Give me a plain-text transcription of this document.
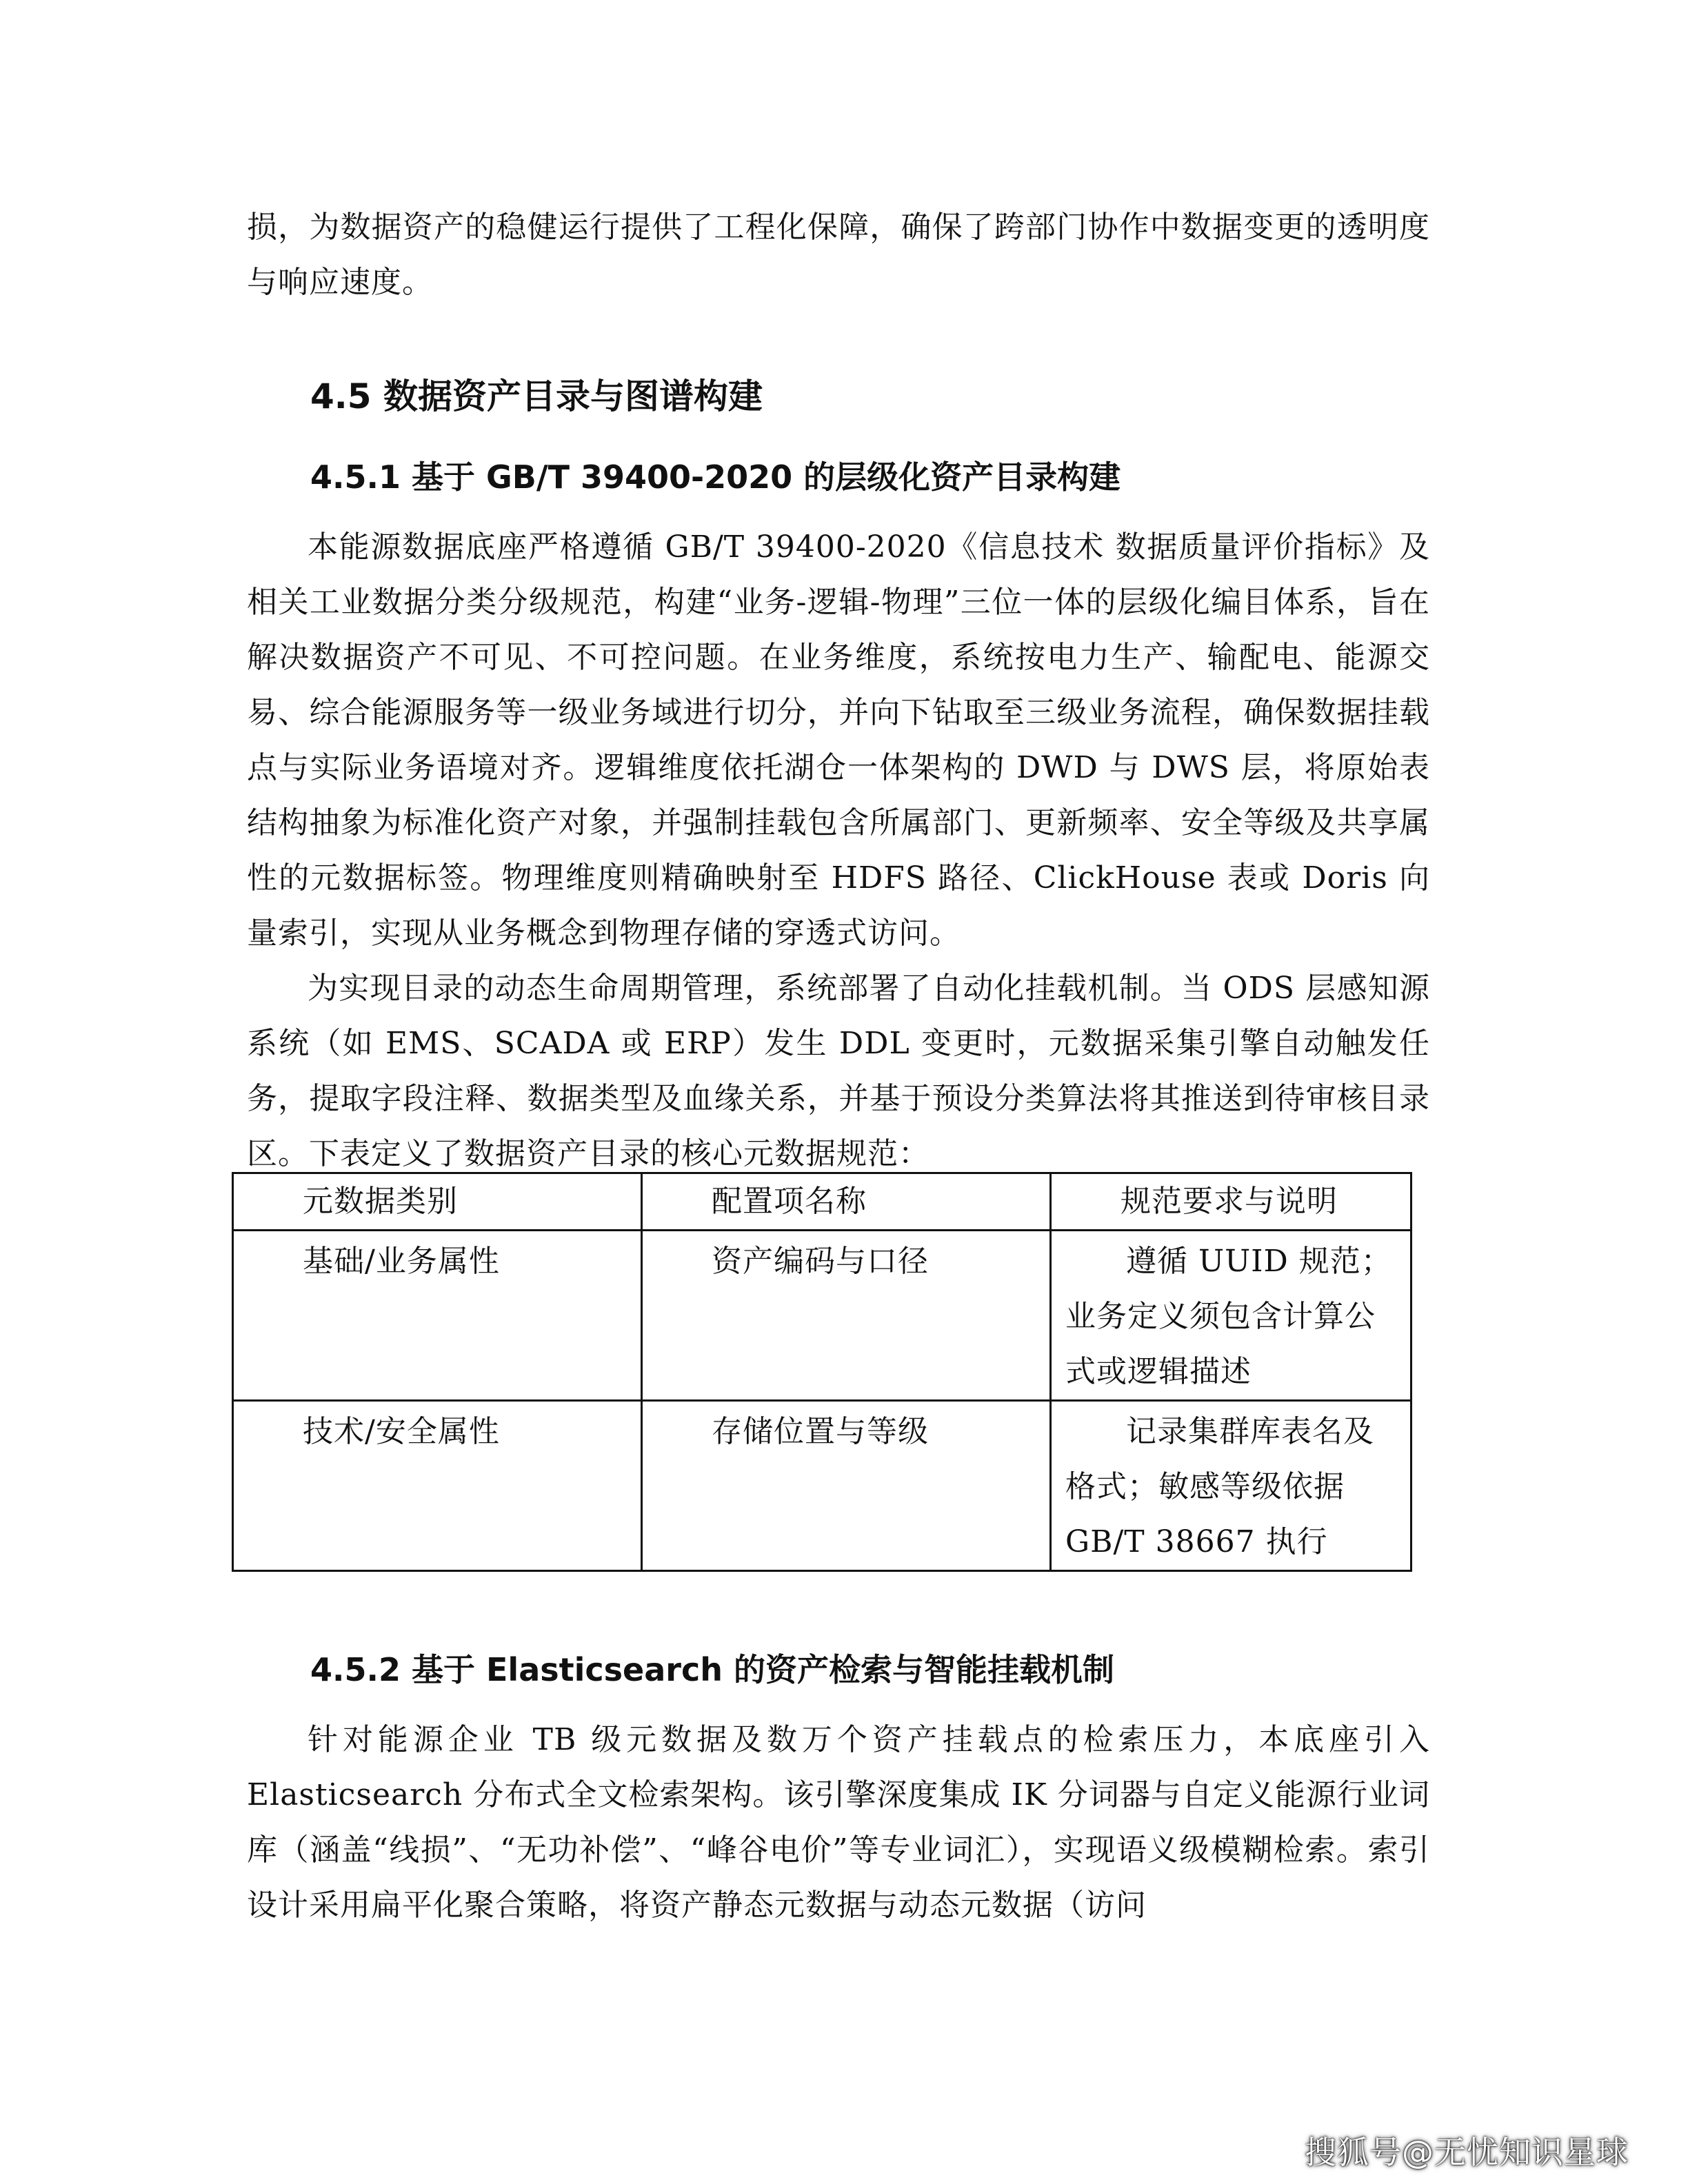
损，为数据资产的稳健运行提供了工程化保障，确保了跨部门协作中数据变更的透明度与响应速度。

4.5 数据资产目录与图谱构建
4.5.1 基于 GB/T 39400-2020 的层级化资产目录构建

本能源数据底座严格遵循 GB/T 39400-2020《信息技术 数据质量评价指标》及相关工业数据分类分级规范，构建“业务-逻辑-物理”三位一体的层级化编目体系，旨在解决数据资产不可见、不可控问题。在业务维度，系统按电力生产、输配电、能源交易、综合能源服务等一级业务域进行切分，并向下钻取至三级业务流程，确保数据挂载点与实际业务语境对齐。逻辑维度依托湖仓一体架构的 DWD 与 DWS 层，将原始表结构抽象为标准化资产对象，并强制挂载包含所属部门、更新频率、安全等级及共享属性的元数据标签。物理维度则精确映射至 HDFS 路径、ClickHouse 表或 Doris 向量索引，实现从业务概念到物理存储的穿透式访问。

为实现目录的动态生命周期管理，系统部署了自动化挂载机制。当 ODS 层感知源系统（如 EMS、SCADA 或 ERP）发生 DDL 变更时，元数据采集引擎自动触发任务，提取字段注释、数据类型及血缘关系，并基于预设分类算法将其推送到待审核目录区。下表定义了数据资产目录的核心元数据规范：

元数据类别	配置项名称	规范要求与说明
基础/业务属性	资产编码与口径	遵循 UUID 规范；业务定义须包含计算公式或逻辑描述
技术/安全属性	存储位置与等级	记录集群库表名及格式；敏感等级依据 GB/T 38667 执行
4.5.2 基于 Elasticsearch 的资产检索与智能挂载机制

针对能源企业 TB 级元数据及数万个资产挂载点的检索压力，本底座引入 Elasticsearch 分布式全文检索架构。该引擎深度集成 IK 分词器与自定义能源行业词库（涵盖“线损”、“无功补偿”、“峰谷电价”等专业词汇），实现语义级模糊检索。索引设计采用扁平化聚合策略，将资产静态元数据与动态元数据（访问

搜狐号@无忧知识星球
